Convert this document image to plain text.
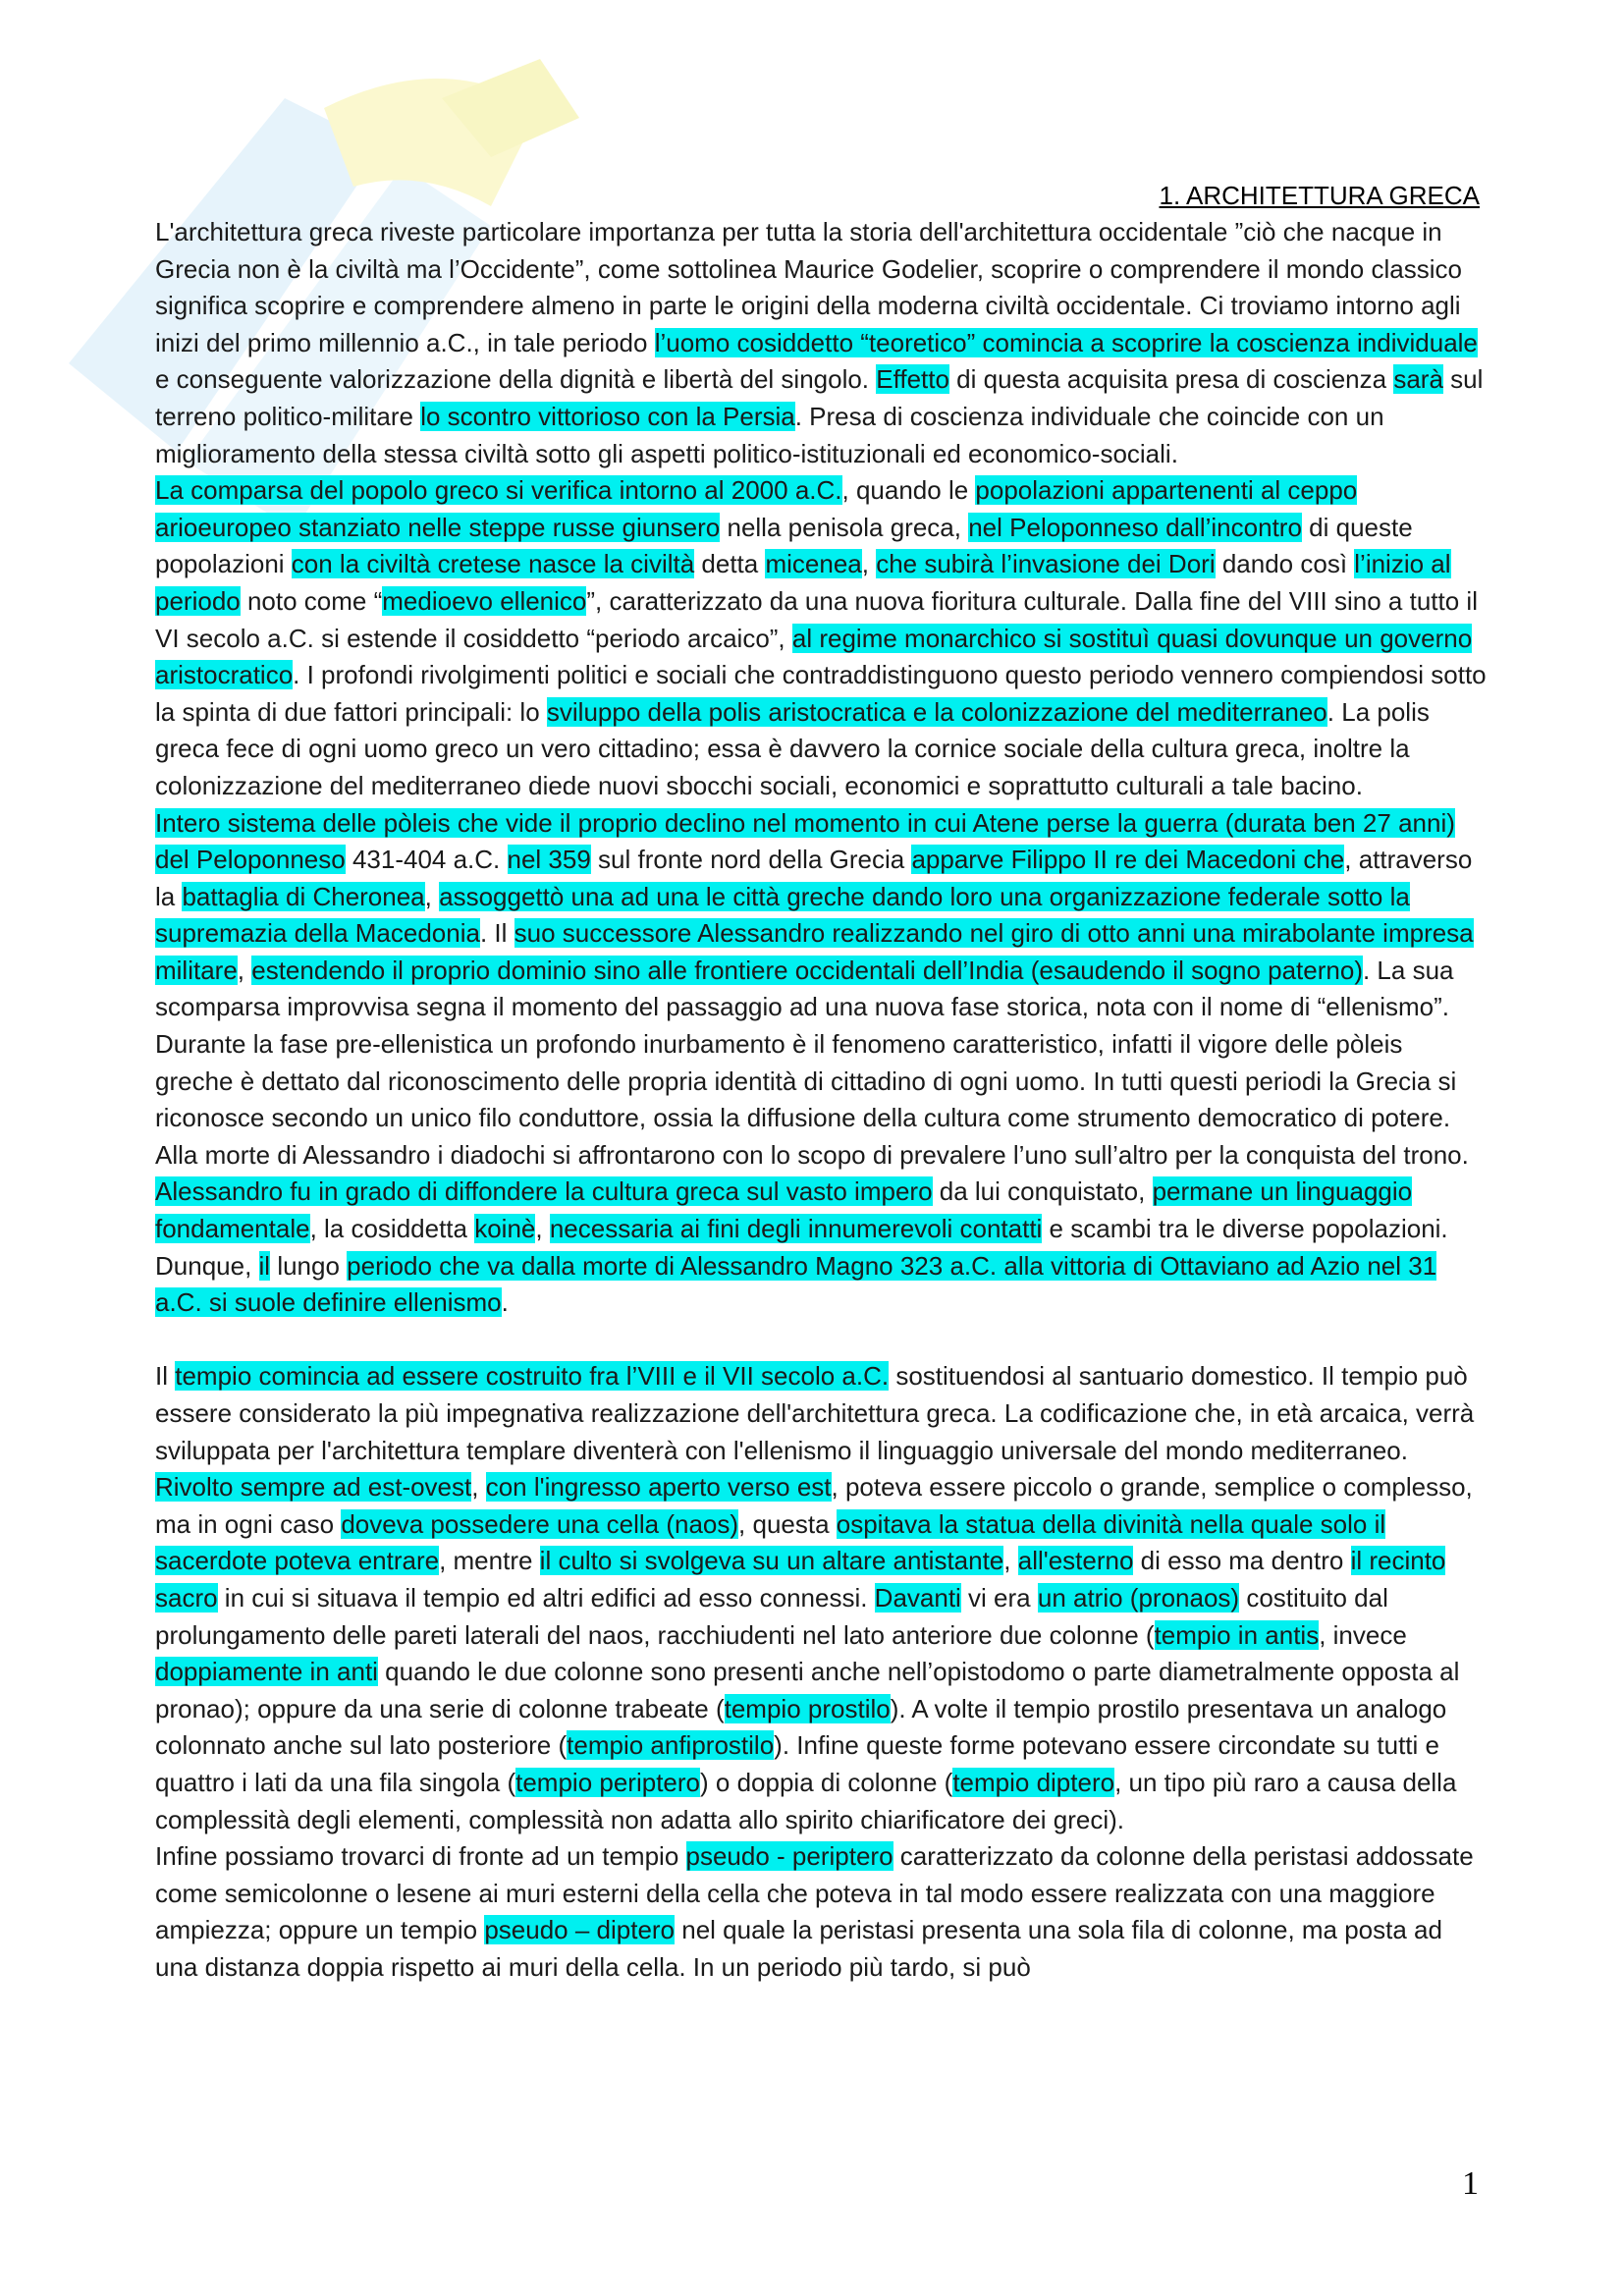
1. ARCHITETTURA GRECA

L'architettura greca riveste particolare importanza per tutta la storia dell'architettura occidentale ”ciò che nacque in Grecia non è la civiltà ma l’Occidente”, come sottolinea Maurice Godelier, scoprire o comprendere il mondo classico significa scoprire e comprendere almeno in parte le origini della moderna civiltà occidentale. Ci troviamo intorno agli inizi del primo millennio a.C., in tale periodo l’uomo cosiddetto “teoretico” comincia a scoprire la coscienza individuale e conseguente valorizzazione della dignità e libertà del singolo. Effetto di questa acquisita presa di coscienza sarà sul terreno politico-militare lo scontro vittorioso con la Persia. Presa di coscienza individuale che coincide con un miglioramento della stessa civiltà sotto gli aspetti politico-istituzionali ed economico-sociali.

La comparsa del popolo greco si verifica intorno al 2000 a.C., quando le popolazioni appartenenti al ceppo arioeuropeo stanziato nelle steppe russe giunsero nella penisola greca, nel Peloponneso dall’incontro di queste popolazioni con la civiltà cretese nasce la civiltà detta micenea, che subirà l’invasione dei Dori dando così l’inizio al periodo noto come “medioevo ellenico”, caratterizzato da una nuova fioritura culturale. Dalla fine del VIII sino a tutto il VI secolo a.C. si estende il cosiddetto “periodo arcaico”, al regime monarchico si sostituì quasi dovunque un governo aristocratico. I profondi rivolgimenti politici e sociali che contraddistinguono questo periodo vennero compiendosi sotto la spinta di due fattori principali: lo sviluppo della polis aristocratica e la colonizzazione del mediterraneo. La polis greca fece di ogni uomo greco un vero cittadino; essa è davvero la cornice sociale della cultura greca, inoltre la colonizzazione del mediterraneo diede nuovi sbocchi sociali, economici e soprattutto culturali a tale bacino.

Intero sistema delle pòleis che vide il proprio declino nel momento in cui Atene perse la guerra (durata ben 27 anni) del Peloponneso 431-404 a.C. nel 359 sul fronte nord della Grecia apparve Filippo II re dei Macedoni che, attraverso la battaglia di Cheronea, assoggettò una ad una le città greche dando loro una organizzazione federale sotto la supremazia della Macedonia. Il suo successore Alessandro realizzando nel giro di otto anni una mirabolante impresa militare, estendendo il proprio dominio sino alle frontiere occidentali dell’India (esaudendo il sogno paterno). La sua scomparsa improvvisa segna il momento del passaggio ad una nuova fase storica, nota con il nome di “ellenismo”. Durante la fase pre-ellenistica un profondo inurbamento è il fenomeno caratteristico, infatti il vigore delle pòleis greche è dettato dal riconoscimento delle propria identità di cittadino di ogni uomo. In tutti questi periodi la Grecia si riconosce secondo un unico filo conduttore, ossia la diffusione della cultura come strumento democratico di potere. Alla morte di Alessandro i diadochi si affrontarono con lo scopo di prevalere l’uno sull’altro per la conquista del trono. Alessandro fu in grado di diffondere la cultura greca sul vasto impero da lui conquistato, permane un linguaggio fondamentale, la cosiddetta koinè, necessaria ai fini degli innumerevoli contatti e scambi tra le diverse popolazioni. Dunque, il lungo periodo che va dalla morte di Alessandro Magno 323 a.C. alla vittoria di Ottaviano ad Azio nel 31 a.C. si suole definire ellenismo.

Il tempio comincia ad essere costruito fra l’VIII e il VII secolo a.C. sostituendosi al santuario domestico. Il tempio può essere considerato la più impegnativa realizzazione dell'architettura greca. La codificazione che, in età arcaica, verrà sviluppata per l'architettura templare diventerà con l'ellenismo il linguaggio universale del mondo mediterraneo. Rivolto sempre ad est-ovest, con l'ingresso aperto verso est, poteva essere piccolo o grande, semplice o complesso, ma in ogni caso doveva possedere una cella (naos), questa ospitava la statua della divinità nella quale solo il sacerdote poteva entrare, mentre il culto si svolgeva su un altare antistante, all'esterno di esso ma dentro il recinto sacro in cui si situava il tempio ed altri edifici ad esso connessi. Davanti vi era un atrio (pronaos) costituito dal prolungamento delle pareti laterali del naos, racchiudenti nel lato anteriore due colonne (tempio in antis, invece doppiamente in anti quando le due colonne sono presenti anche nell’opistodomo o parte diametralmente opposta al pronao); oppure da una serie di colonne trabeate (tempio prostilo). A volte il tempio prostilo presentava un analogo colonnato anche sul lato posteriore (tempio anfiprostilo). Infine queste forme potevano essere circondate su tutti e quattro i lati da una fila singola (tempio periptero) o doppia di colonne (tempio diptero, un tipo più raro a causa della complessità degli elementi, complessità non adatta allo spirito chiarificatore dei greci).

Infine possiamo trovarci di fronte ad un tempio pseudo - periptero caratterizzato da colonne della peristasi addossate come semicolonne o lesene ai muri esterni della cella che poteva in tal modo essere realizzata con una maggiore ampiezza; oppure un tempio pseudo – diptero nel quale la peristasi presenta una sola fila di colonne, ma posta ad una distanza doppia rispetto ai muri della cella. In un periodo più tardo, si può

1
